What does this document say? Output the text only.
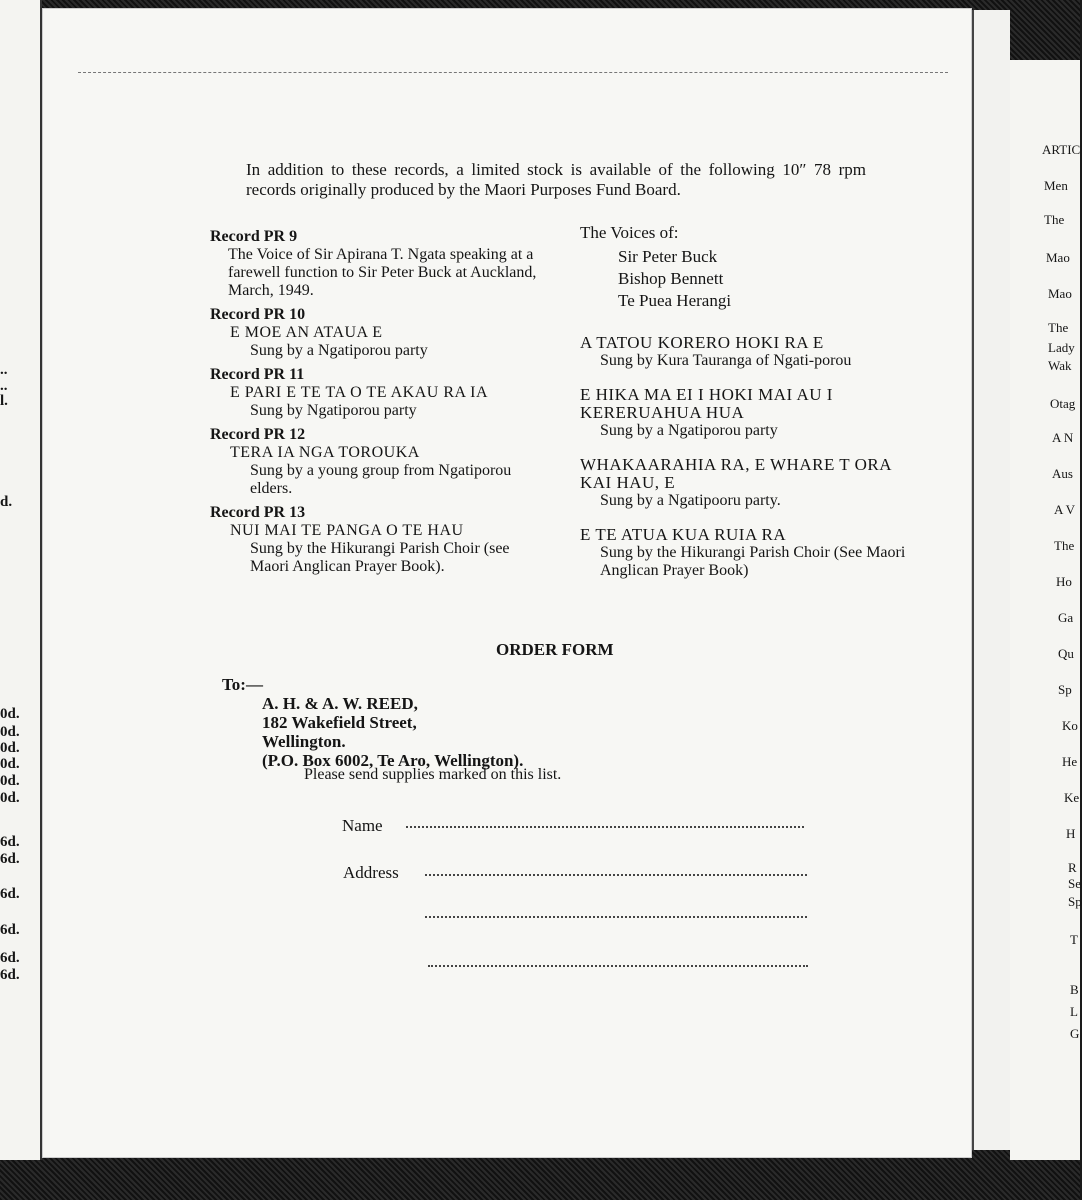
..
..
l.
d.
0d.
0d.
0d.
0d.
0d.
0d.
6d.
6d.
6d.
6d.
6d.
6d.
ARTIC
Men
The
Mao
Mao
The
Lady
Wak
Otag
A N
Aus
A V
The
Ho
Ga
Qu
Sp
Ko
He
Ke
H
R
Se
Sp
T
B
L
G

In addition to these records, a limited stock is available of the following 10″ 78 rpm records originally produced by the Maori Purposes Fund Board.

Record PR 9
The Voice of Sir Apirana T. Ngata speaking at a farewell function to Sir Peter Buck at Auckland, March, 1949.
Record PR 10
E MOE AN ATAUA E
Sung by a Ngatiporou party
Record PR 11
E PARI E TE TA O TE AKAU RA IA
Sung by Ngatiporou party
Record PR 12
TERA IA NGA TOROUKA
Sung by a young group from Ngatiporou elders.
Record PR 13
NUI MAI TE PANGA O TE HAU
Sung by the Hikurangi Parish Choir (see Maori Anglican Prayer Book).
The Voices of:
Sir Peter Buck
Bishop Bennett
Te Puea Herangi
A TATOU KORERO HOKI RA E
Sung by Kura Tauranga of Ngati-porou
E HIKA MA EI I HOKI MAI AU I KERERUAHUA HUA
Sung by a Ngatiporou party
WHAKAARAHIA RA, E WHARE T ORA KAI HAU, E
Sung by a Ngatipooru party.
E TE ATUA KUA RUIA RA
Sung by the Hikurangi Parish Choir (See Maori Anglican Prayer Book)
ORDER FORM
To:—
A. H. & A. W. REED,
182 Wakefield Street,
Wellington.
(P.O. Box 6002, Te Aro, Wellington).
Please send supplies marked on this list.
Name
Address
